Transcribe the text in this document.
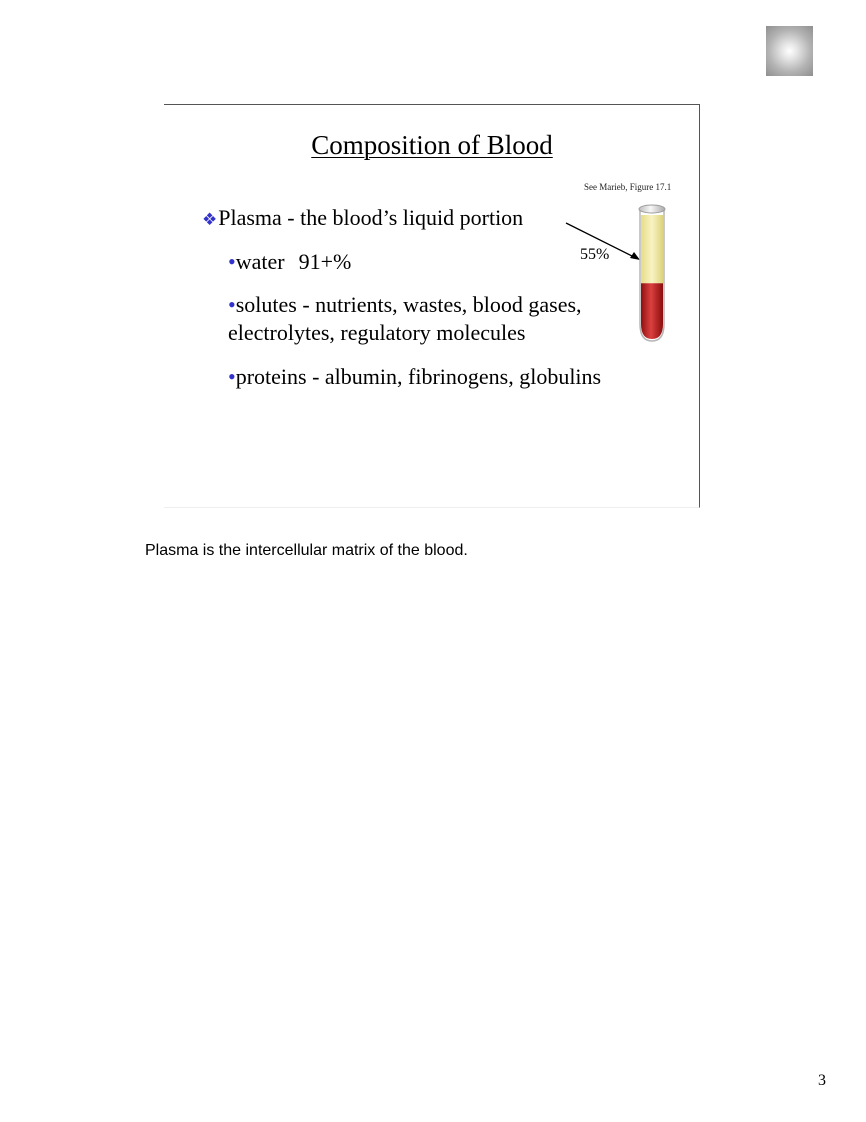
Composition of Blood
See Marieb, Figure 17.1
❖Plasma - the blood’s liquid portion
•water 91+%
•solutes - nutrients, wastes, blood gases,
electrolytes, regulatory molecules
•proteins - albumin, fibrinogens, globulins
55%
Plasma is the intercellular matrix of the blood.
3
